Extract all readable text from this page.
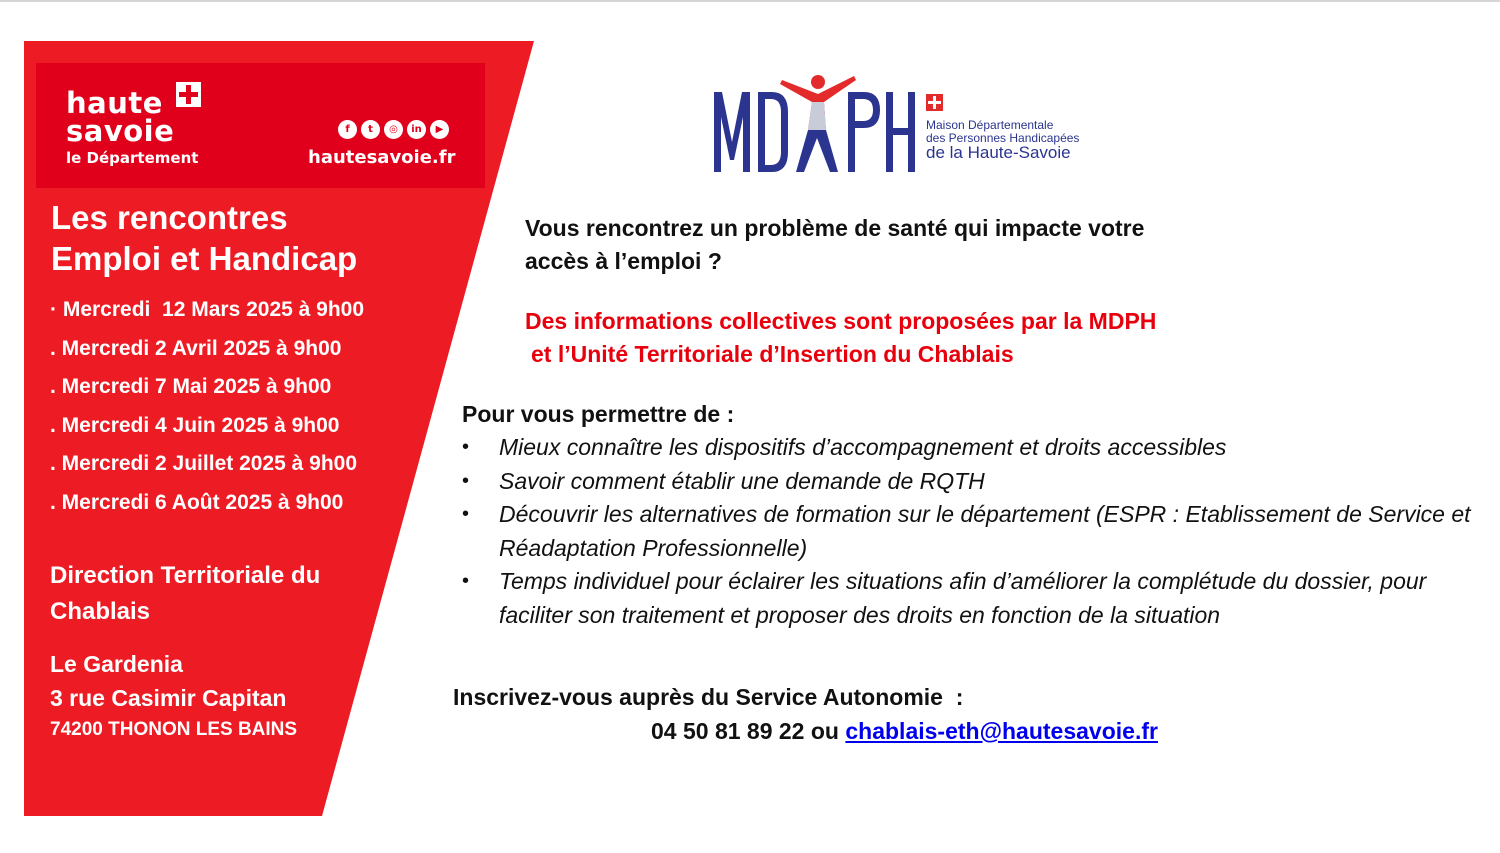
haute
savoie
le Département
f	t	◎	in	▶
hautesavoie.fr
Les rencontres
Emploi et Handicap
· Mercredi  12 Mars 2025 à 9h00
. Mercredi 2 Avril 2025 à 9h00
. Mercredi 7 Mai 2025 à 9h00
. Mercredi 4 Juin 2025 à 9h00
. Mercredi 2 Juillet 2025 à 9h00
. Mercredi 6 Août 2025 à 9h00
Direction Territoriale du Chablais
Le Gardenia
3 rue Casimir Capitan
74200 THONON LES BAINS
Maison Départementale
des Personnes Handicapées
de la Haute-Savoie
Vous rencontrez un problème de santé qui impacte votre
accès à l’emploi ?
Des informations collectives sont proposées par la MDPH
et l’Unité Territoriale d’Insertion du Chablais
Pour vous permettre de :
• Mieux connaître les dispositifs d’accompagnement et droits accessibles
• Savoir comment établir une demande de RQTH
• Découvrir les alternatives de formation sur le département (ESPR : Etablissement de Service et Réadaptation Professionnelle)
• Temps individuel pour éclairer les situations afin d’améliorer la complétude du dossier, pour faciliter son traitement et proposer des droits en fonction de la situation
Inscrivez-vous auprès du Service Autonomie  :
04 50 81 89 22 ou chablais-eth@hautesavoie.fr
